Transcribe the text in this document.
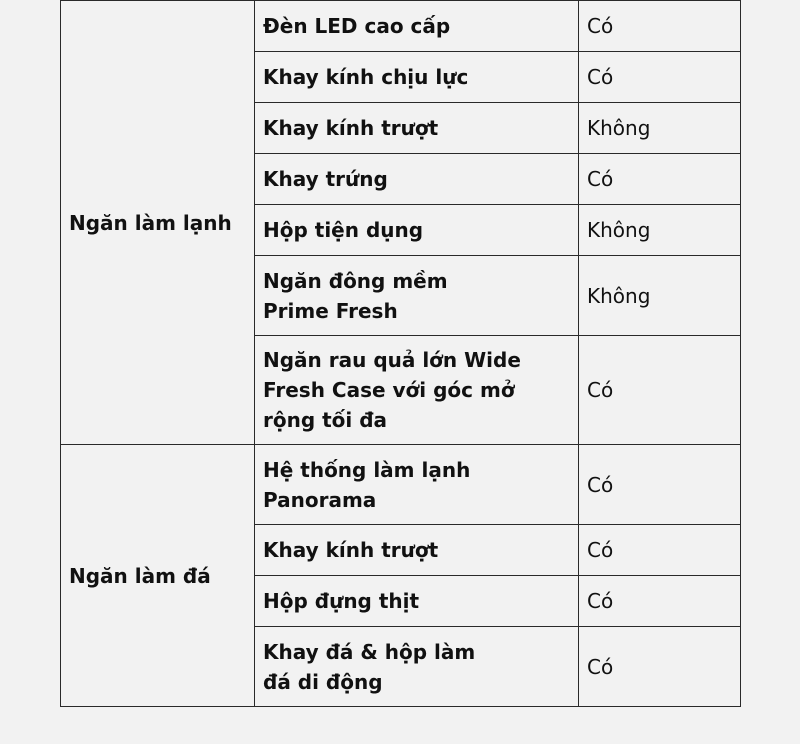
Ngăn làm lạnh	Đèn LED cao cấp	Có

	Khay kính chịu lực	Có

	Khay kính trượt	Không

	Khay trứng	Có

	Hộp tiện dụng	Không

	Ngăn đông mềm
Prime Fresh	Không

	Ngăn rau quả lớn Wide
Fresh Case với góc mở
rộng tối đa	Có
Ngăn làm đá	Hệ thống làm lạnh
Panorama	Có

	Khay kính trượt	Có

	Hộp đựng thịt	Có

	Khay đá & hộp làm
đá di động	Có
